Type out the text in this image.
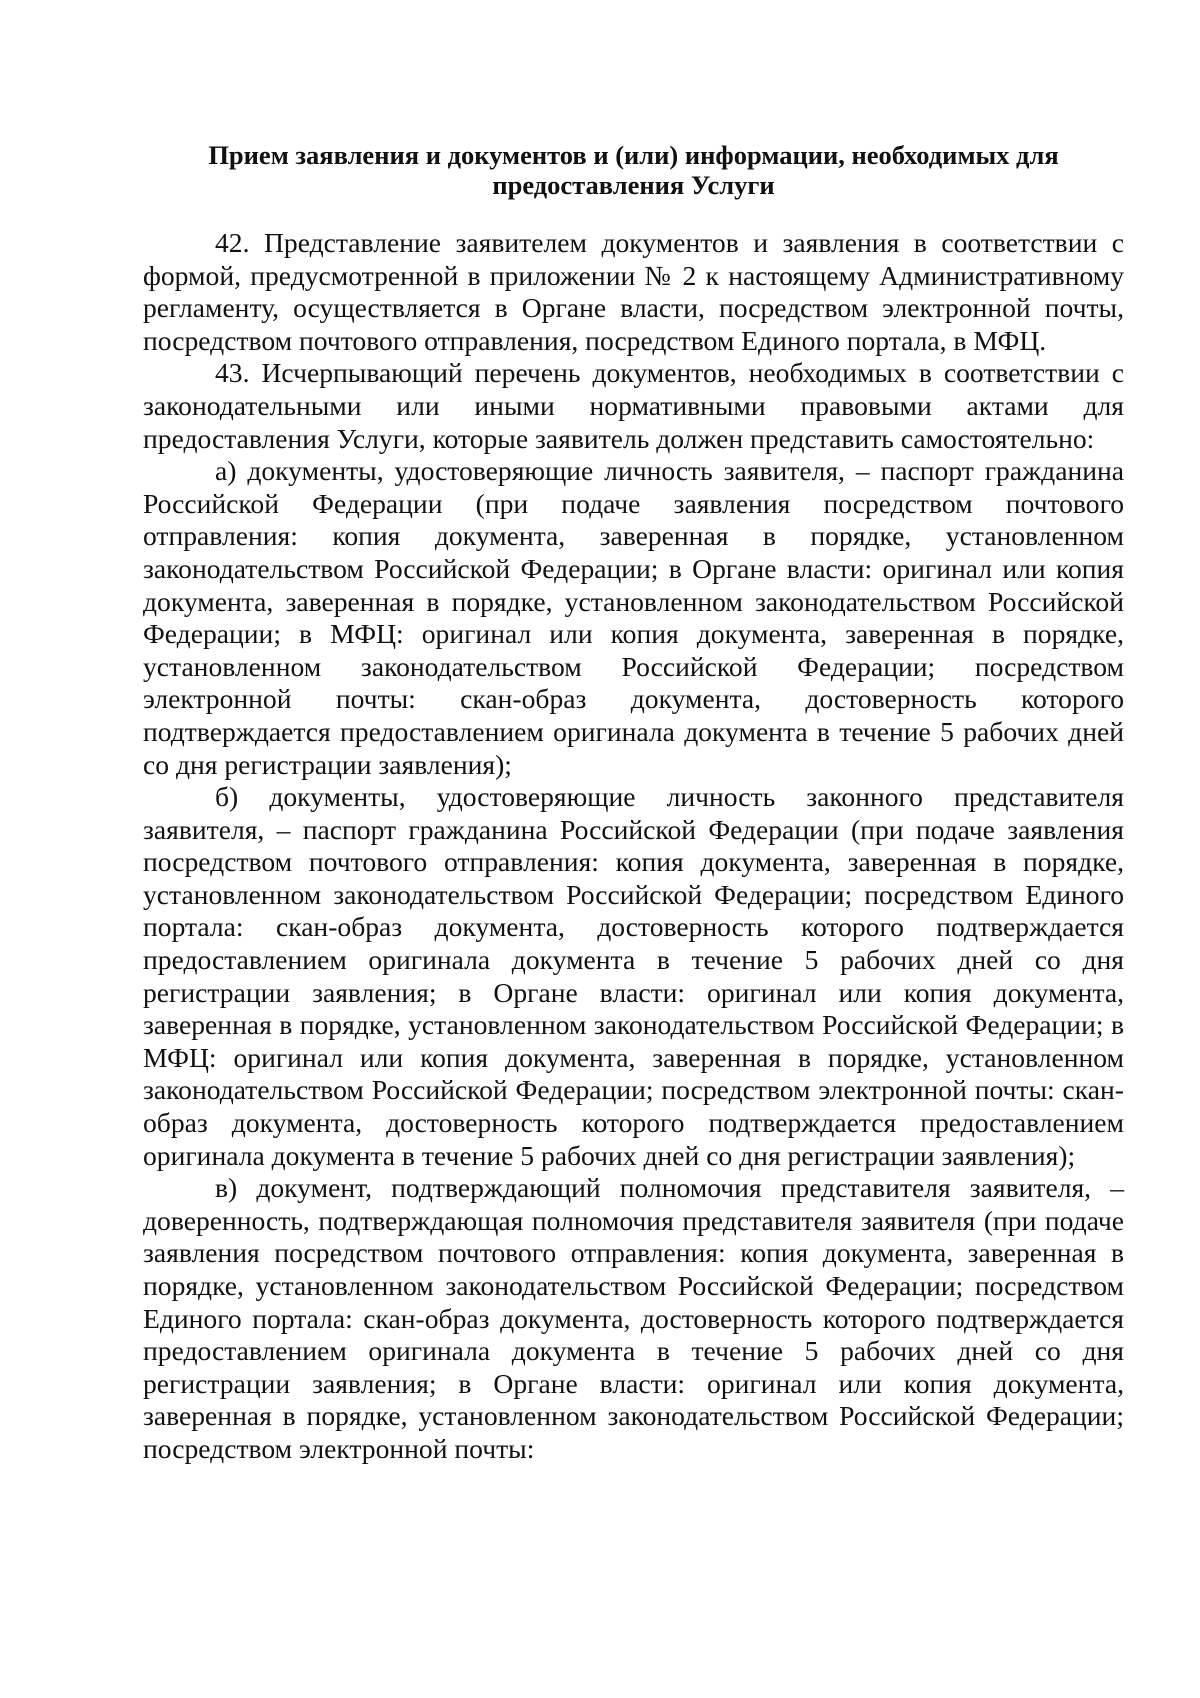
Прием заявления и документов и (или) информации, необходимых для
предоставления Услуги

42. Представление заявителем документов и заявления в соответствии с формой, предусмотренной в приложении № 2 к настоящему Административному регламенту, осуществляется в Органе власти, посредством электронной почты, посредством почтового отправления, посредством Единого портала, в МФЦ.

43. Исчерпывающий перечень документов, необходимых в соответствии с законодательными или иными нормативными правовыми актами для предоставления Услуги, которые заявитель должен представить самостоятельно:

а) документы, удостоверяющие личность заявителя, – паспорт гражданина Российской Федерации (при подаче заявления посредством почтового отправления: копия документа, заверенная в порядке, установленном законодательством Российской Федерации; в Органе власти: оригинал или копия документа, заверенная в порядке, установленном законодательством Российской Федерации; в МФЦ: оригинал или копия документа, заверенная в порядке, установленном законодательством Российской Федерации; посредством электронной почты: скан-образ документа, достоверность которого подтверждается предоставлением оригинала документа в течение 5 рабочих дней со дня регистрации заявления);

б) документы, удостоверяющие личность законного представителя заявителя, – паспорт гражданина Российской Федерации (при подаче заявления посредством почтового отправления: копия документа, заверенная в порядке, установленном законодательством Российской Федерации; посредством Единого портала: скан-образ документа, достоверность которого подтверждается предоставлением оригинала документа в течение 5 рабочих дней со дня регистрации заявления; в Органе власти: оригинал или копия документа, заверенная в порядке, установленном законодательством Российской Федерации; в МФЦ: оригинал или копия документа, заверенная в порядке, установленном законодательством Российской Федерации; посредством электронной почты: скан-образ документа, достоверность которого подтверждается предоставлением оригинала документа в течение 5 рабочих дней со дня регистрации заявления);

в) документ, подтверждающий полномочия представителя заявителя, – доверенность, подтверждающая полномочия представителя заявителя (при подаче заявления посредством почтового отправления: копия документа, заверенная в порядке, установленном законодательством Российской Федерации; посредством Единого портала: скан-образ документа, достоверность которого подтверждается предоставлением оригинала документа в течение 5 рабочих дней со дня регистрации заявления; в Органе власти: оригинал или копия документа, заверенная в порядке, установленном законодательством Российской Федерации; посредством электронной почты:
